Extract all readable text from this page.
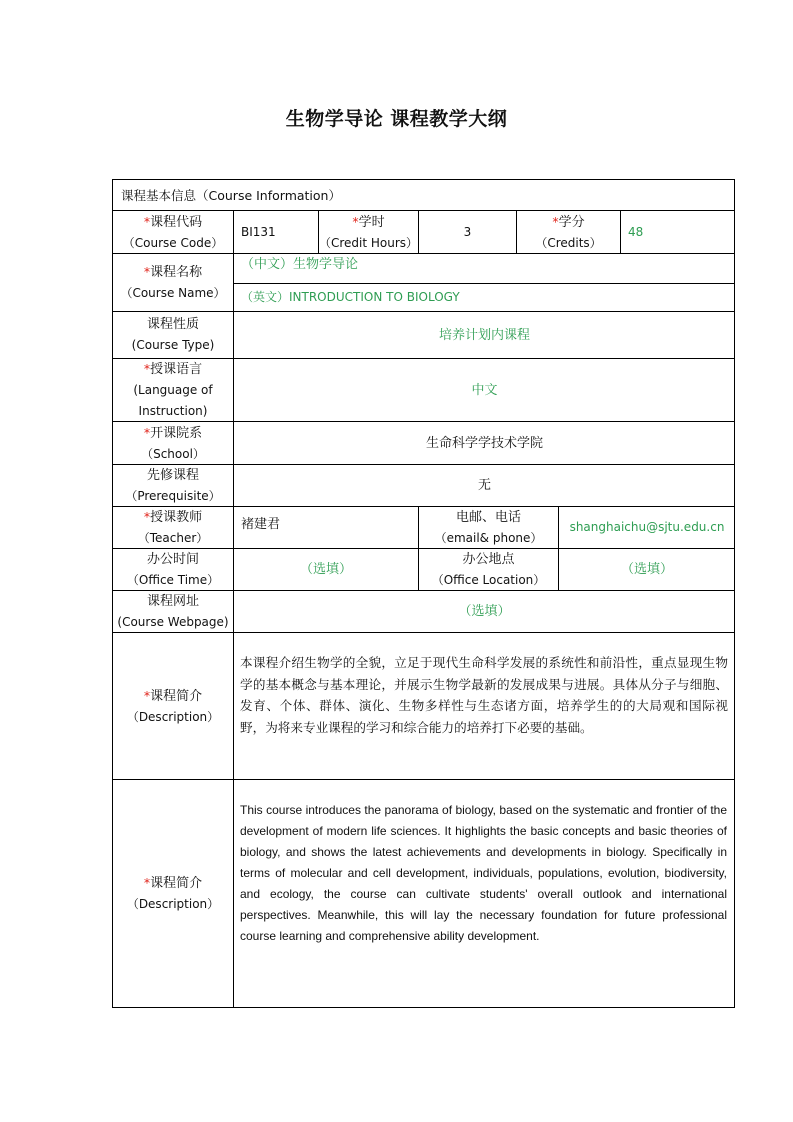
生物学导论 课程教学大纲
课程基本信息（Course Information）
*课程代码
（Course Code）
BI131
*学时
（Credit Hours）
3
*学分
（Credits）
48
*课程名称
（Course Name）
（中文）生物学导论
（英文）INTRODUCTION TO BIOLOGY
课程性质
(Course Type)
培养计划内课程
*授课语言
(Language of
Instruction)
中文
*开课院系
（School）
生命科学学技术学院
先修课程
（Prerequisite）
无
*授课教师
（Teacher）
褚建君	电邮、电话
（email& phone）
shanghaichu@sjtu.edu.cn
办公时间
（Office Time）
（选填）
办公地点
（Office Location）
（选填）
课程网址
(Course Webpage)
（选填）
*课程简介
（Description）
本课程介绍生物学的全貌，立足于现代生命科学发展的系统性和前沿性，重点显现生物学的基本概念与基本理论，并展示生物学最新的发展成果与进展。具体从分子与细胞、发育、个体、群体、演化、生物多样性与生态诸方面，培养学生的的大局观和国际视野，为将来专业课程的学习和综合能力的培养打下必要的基础。
*课程简介
（Description）
This course introduces the panorama of biology, based on the systematic and frontier of the development of modern life sciences. It highlights the basic concepts and basic theories of biology, and shows the latest achievements and developments in biology. Specifically in terms of molecular and cell development, individuals, populations, evolution, biodiversity, and ecology, the course can cultivate students' overall outlook and international perspectives. Meanwhile, this will lay the necessary foundation for future professional course learning and comprehensive ability development.
